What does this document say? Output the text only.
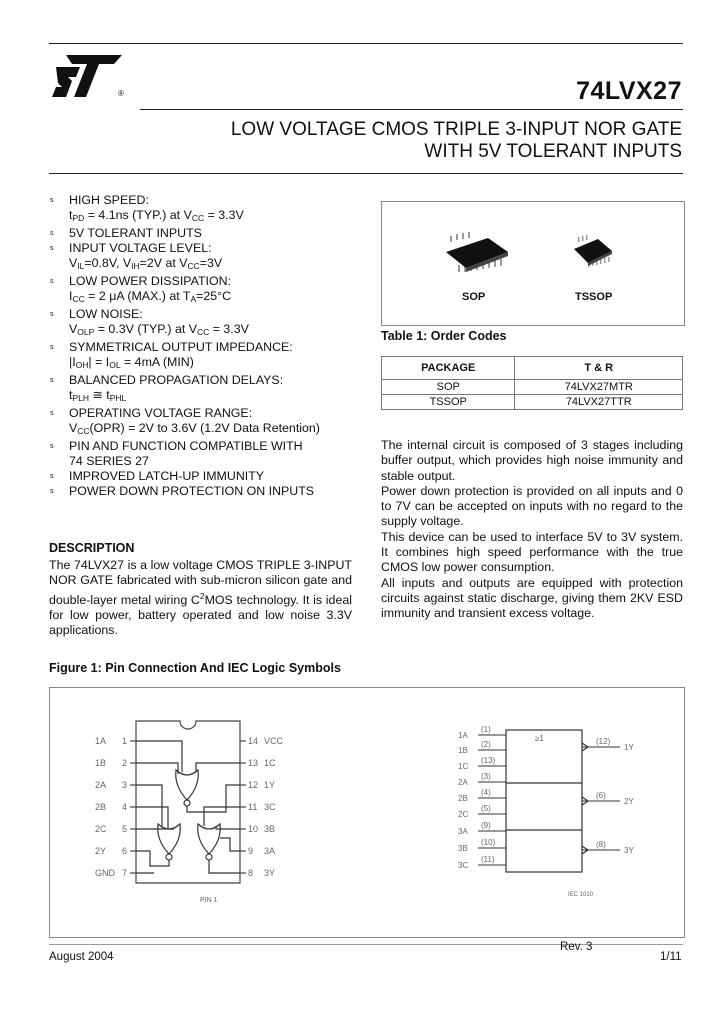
®	74LVX27
LOW VOLTAGE CMOS TRIPLE 3-INPUT NOR GATE
WITH 5V TOLERANT INPUTS
s HIGH SPEED:
$t_{PD} = 4.1ns$ (TYP.) at $V_{CC} = 3.3V$
s 5V TOLERANT INPUTS
s INPUT VOLTAGE LEVEL:
$V_{IL}=0.8V$, $V_{IH}=2V$ at $V_{CC}=3V$
s LOW POWER DISSIPATION:
$I_{CC} = 2$ μA (MAX.) at $T_A=25^\circ C$
s LOW NOISE:
$V_{OLP} = 0.3V$ (TYP.) at $V_{CC} = 3.3V$
s SYMMETRICAL OUTPUT IMPEDANCE:
$|I_{OH}| = I_{OL} = 4mA$ (MIN)
s BALANCED PROPAGATION DELAYS:
$t_{PLH}$ ≅ $t_{PHL}$
s OPERATING VOLTAGE RANGE:
$V_{CC}(OPR) = 2V$ to 3.6V (1.2V Data Retention)
s PIN AND FUNCTION COMPATIBLE WITH
74 SERIES 27
s IMPROVED LATCH-UP IMMUNITY
s POWER DOWN PROTECTION ON INPUTS
DESCRIPTION
The 74LVX27 is a low voltage CMOS TRIPLE 3-INPUT NOR GATE fabricated with sub-micron silicon gate and double-layer metal wiring $C^2MOS$ technology. It is ideal for low power, battery operated and low noise 3.3V applications.
SOP	TSSOP
Table 1: Order Codes
PACKAGE	T & R
SOP	74LVX27MTR
TSSOP	74LVX27TTR

The internal circuit is composed of 3 stages including buffer output, which provides high noise immunity and stable output.

Power down protection is provided on all inputs and 0 to 7V can be accepted on inputs with no regard to the supply voltage.

This device can be used to interface 5V to 3V system. It combines high speed performance with the true CMOS low power consumption.

All inputs and outputs are equipped with protection circuits against static discharge, giving them 2KV ESD immunity and transient excess voltage.

Figure 1: Pin Connection And IEC Logic Symbols
1A
1B
2A
2B
2C
2Y
GND
1
2
3
4
5
6
7
14
13
12
11
10
9
8
VCC
1C
1Y
3C
3B
3A
3Y
PIN 1
1A
1B
1C
2A
2B
2C
3A
3B
3C
(1)
(2)
(13)
(3)
(4)
(5)
(9)
(10)
(11)
≥1	(12)
(6)
(8)
1Y
2Y
3Y
IEC 1010
August 2004
Rev. 3
1/11
